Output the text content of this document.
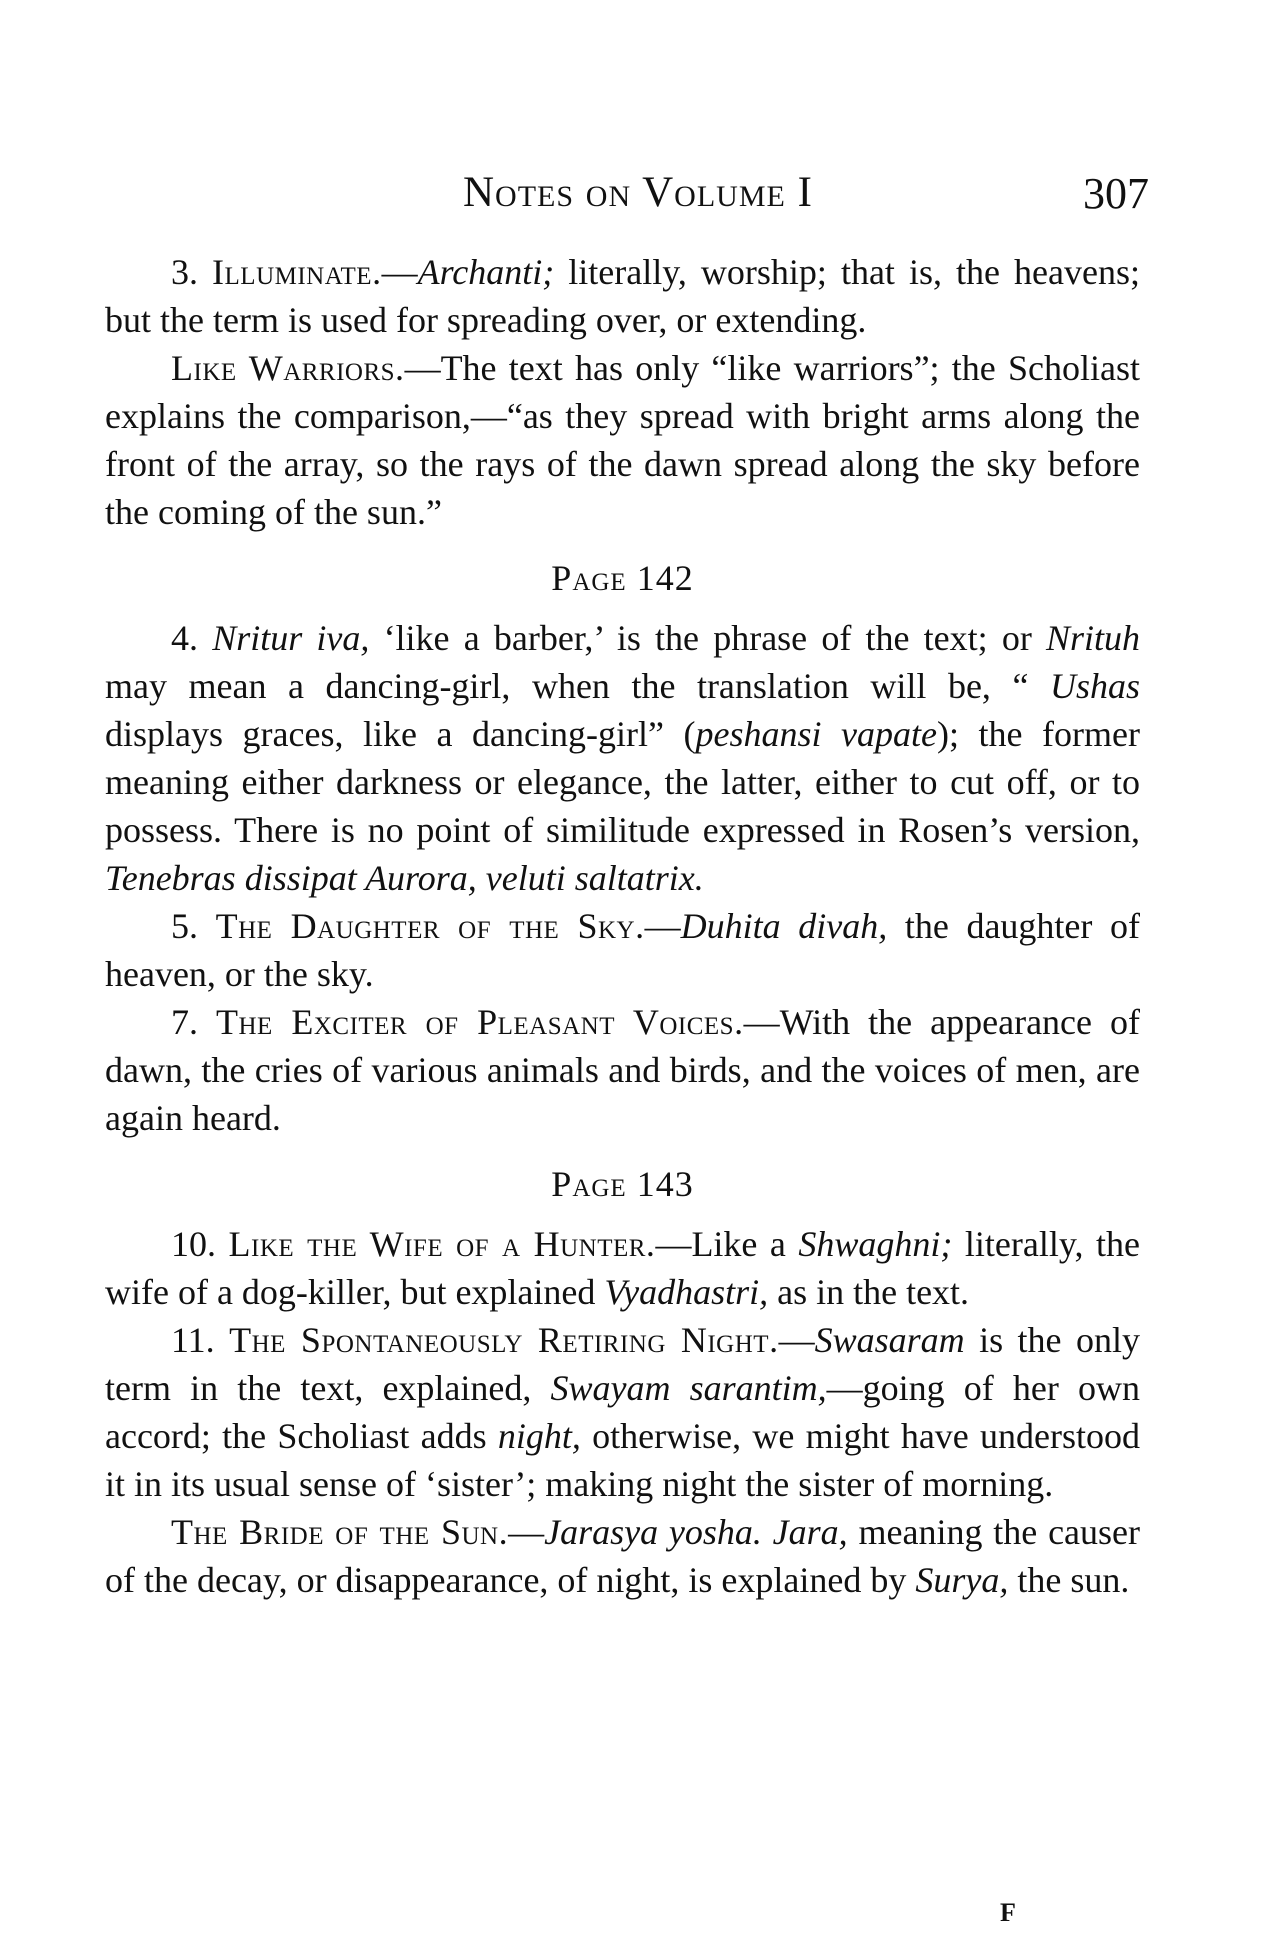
Notes on Volume I	307

3. Illuminate.—Archanti; literally, worship; that is, the heavens; but the term is used for spreading over, or extending.

Like Warriors.—The text has only “like warriors”; the Scholiast explains the comparison,—“as they spread with bright arms along the front of the array, so the rays of the dawn spread along the sky before the coming of the sun.”

Page 142

4. Nritur iva, ‘like a barber,’ is the phrase of the text; or Nrituh may mean a dancing-girl, when the translation will be, “ Ushas displays graces, like a dancing-girl” (peshansi vapate); the former meaning either darkness or elegance, the latter, either to cut off, or to possess. There is no point of similitude expressed in Rosen’s version, Tenebras dissipat Aurora, veluti saltatrix.

5. The Daughter of the Sky.—Duhita divah, the daughter of heaven, or the sky.

7. The Exciter of Pleasant Voices.—With the appearance of dawn, the cries of various animals and birds, and the voices of men, are again heard.

Page 143

10. Like the Wife of a Hunter.—Like a Shwaghni; literally, the wife of a dog-killer, but explained Vyadhastri, as in the text.

11. The Spontaneously Retiring Night.—Swasaram is the only term in the text, explained, Swayam sarantim,—going of her own accord; the Scholiast adds night, otherwise, we might have understood it in its usual sense of ‘sister’; making night the sister of morning.

The Bride of the Sun.—Jarasya yosha. Jara, meaning the causer of the decay, or disappearance, of night, is explained by Surya, the sun.

F
